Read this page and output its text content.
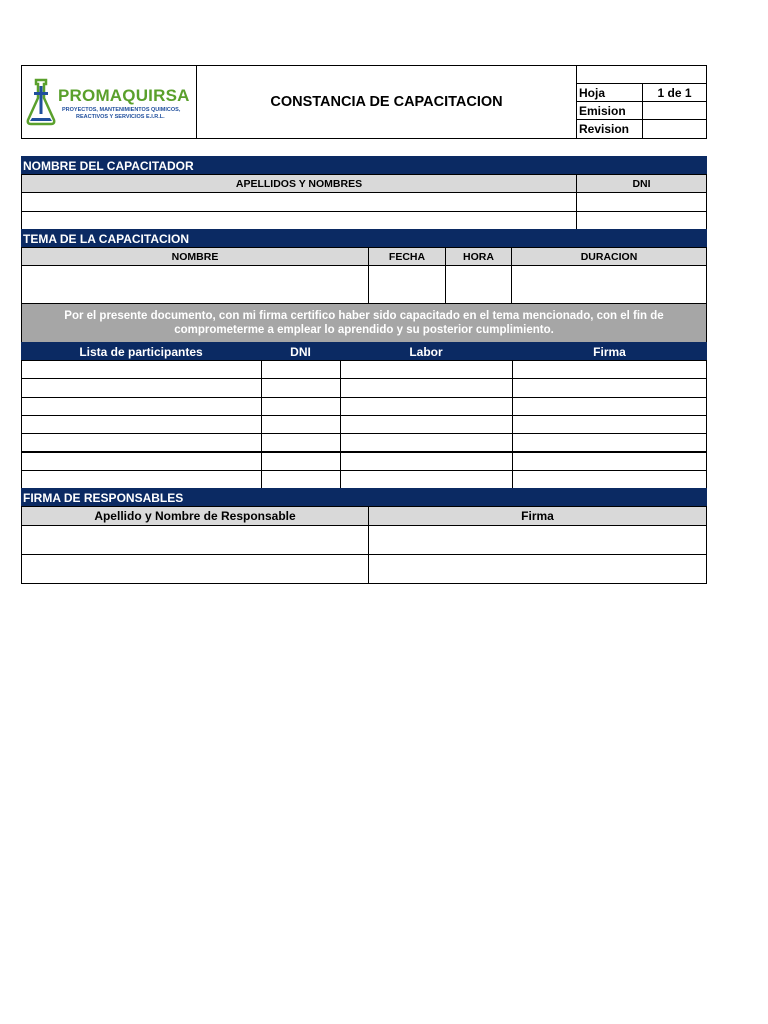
PROMAQUIRSA
PROYECTOS, MANTENIMIENTOS QUIMICOS,
REACTIVOS Y SERVICIOS E.I.R.L.
CONSTANCIA DE CAPACITACION
Hoja	1 de 1
Emision
Revision
NOMBRE DEL CAPACITADOR
APELLIDOS Y NOMBRES	DNI
TEMA DE LA CAPACITACION
NOMBRE	FECHA	HORA	DURACION
Por el presente documento, con mi firma certifico haber sido capacitado en el tema mencionado, con el fin de
comprometerme a emplear lo aprendido y su posterior cumplimiento.
Lista de participantes	DNI	Labor	Firma
FIRMA DE RESPONSABLES
Apellido y Nombre de Responsable	Firma
